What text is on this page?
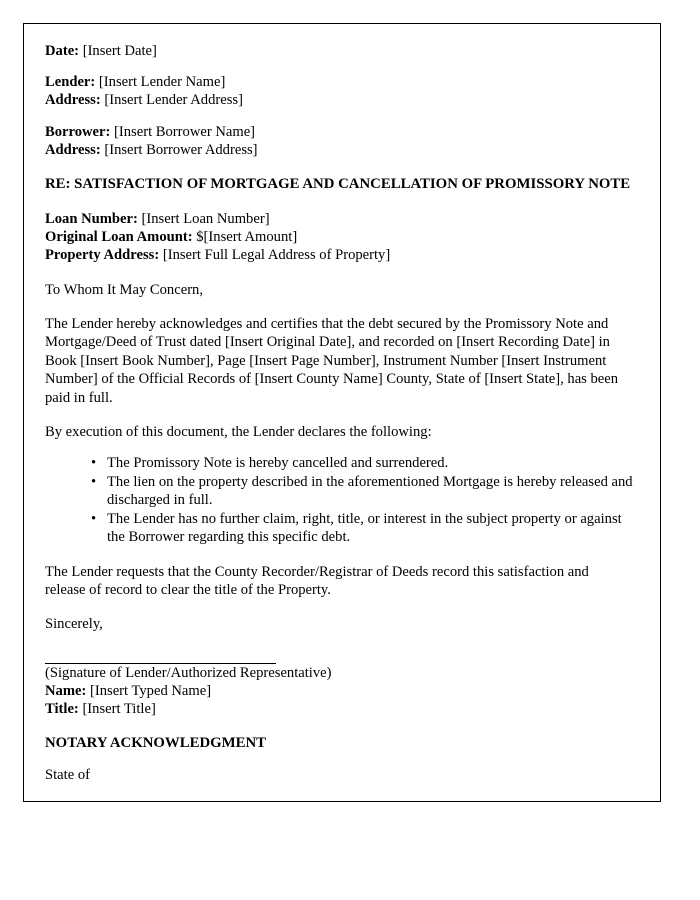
Date: [Insert Date]
Lender: [Insert Lender Name]
Address: [Insert Lender Address]
Borrower: [Insert Borrower Name]
Address: [Insert Borrower Address]
RE: SATISFACTION OF MORTGAGE AND CANCELLATION OF PROMISSORY NOTE
Loan Number: [Insert Loan Number]
Original Loan Amount: $[Insert Amount]
Property Address: [Insert Full Legal Address of Property]

To Whom It May Concern,

The Lender hereby acknowledges and certifies that the debt secured by the Promissory Note and Mortgage/Deed of Trust dated [Insert Original Date], and recorded on [Insert Recording Date] in Book [Insert Book Number], Page [Insert Page Number], Instrument Number [Insert Instrument Number] of the Official Records of [Insert County Name] County, State of [Insert State], has been paid in full.

By execution of this document, the Lender declares the following:

• The Promissory Note is hereby cancelled and surrendered.
• The lien on the property described in the aforementioned Mortgage is hereby released and discharged in full.
• The Lender has no further claim, right, title, or interest in the subject property or against the Borrower regarding this specific debt.

The Lender requests that the County Recorder/Registrar of Deeds record this satisfaction and release of record to clear the title of the Property.

Sincerely,

(Signature of Lender/Authorized Representative)
Name: [Insert Typed Name]
Title: [Insert Title]

NOTARY ACKNOWLEDGMENT

State of
